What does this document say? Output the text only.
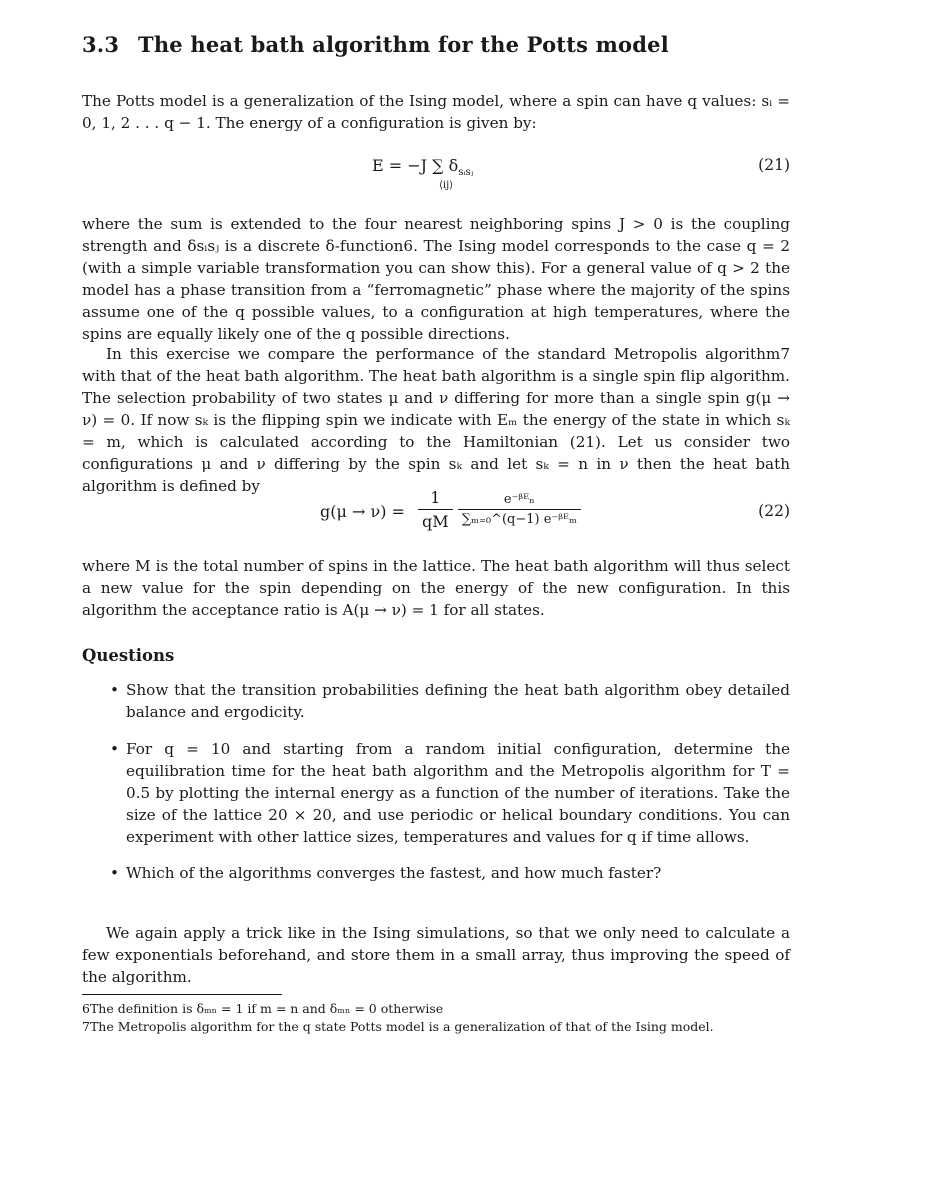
3.3 The heat bath algorithm for the Potts model
The Potts model is a generalization of the Ising model, where a spin can have q values: sᵢ = 0, 1, 2 . . . q − 1. The energy of a configuration is given by:
E = −J ∑ $\delta_{sᵢsⱼ}$
⟨ij⟩
(21)
where the sum is extended to the four nearest neighboring spins J > 0 is the coupling strength and δsᵢsⱼ is a discrete δ-function6. The Ising model corresponds to the case q = 2 (with a simple variable transformation you can show this). For a general value of q > 2 the model has a phase transition from a “ferromagnetic” phase where the majority of the spins assume one of the q possible values, to a configuration at high temperatures, where the spins are equally likely one of the q possible directions.
In this exercise we compare the performance of the standard Metropolis algorithm7 with that of the heat bath algorithm. The heat bath algorithm is a single spin flip algorithm. The selection probability of two states μ and ν differing for more than a single spin g(μ → ν) = 0. If now sₖ is the flipping spin we indicate with Eₘ the energy of the state in which sₖ = m, which is calculated according to the Hamiltonian (21). Let us consider two configurations μ and ν differing by the spin sₖ and let sₖ = n in ν then the heat bath algorithm is defined by
$g(\mu \to \nu) = \frac{1}{qM}$
$\frac{\text{e⁻ᵝᴱₙ}}{\text{∑ₘ₌₀\textasciicircum{}(q−1) e⁻ᵝᴱₘ}}$	(22)
where M is the total number of spins in the lattice. The heat bath algorithm will thus select a new value for the spin depending on the energy of the new configuration. In this algorithm the acceptance ratio is A(μ → ν) = 1 for all states.
Questions
• Show that the transition probabilities defining the heat bath algorithm obey detailed balance and ergodicity.
• For q = 10 and starting from a random initial configuration, determine the equilibration time for the heat bath algorithm and the Metropolis algorithm for T = 0.5 by plotting the internal energy as a function of the number of iterations. Take the size of the lattice 20 × 20, and use periodic or helical boundary conditions. You can experiment with other lattice sizes, temperatures and values for q if time allows.
• Which of the algorithms converges the fastest, and how much faster?
We again apply a trick like in the Ising simulations, so that we only need to calculate a few exponentials beforehand, and store them in a small array, thus improving the speed of the algorithm.
6The definition is δₘₙ = 1 if m = n and δₘₙ = 0 otherwise
7The Metropolis algorithm for the q state Potts model is a generalization of that of the Ising model.
